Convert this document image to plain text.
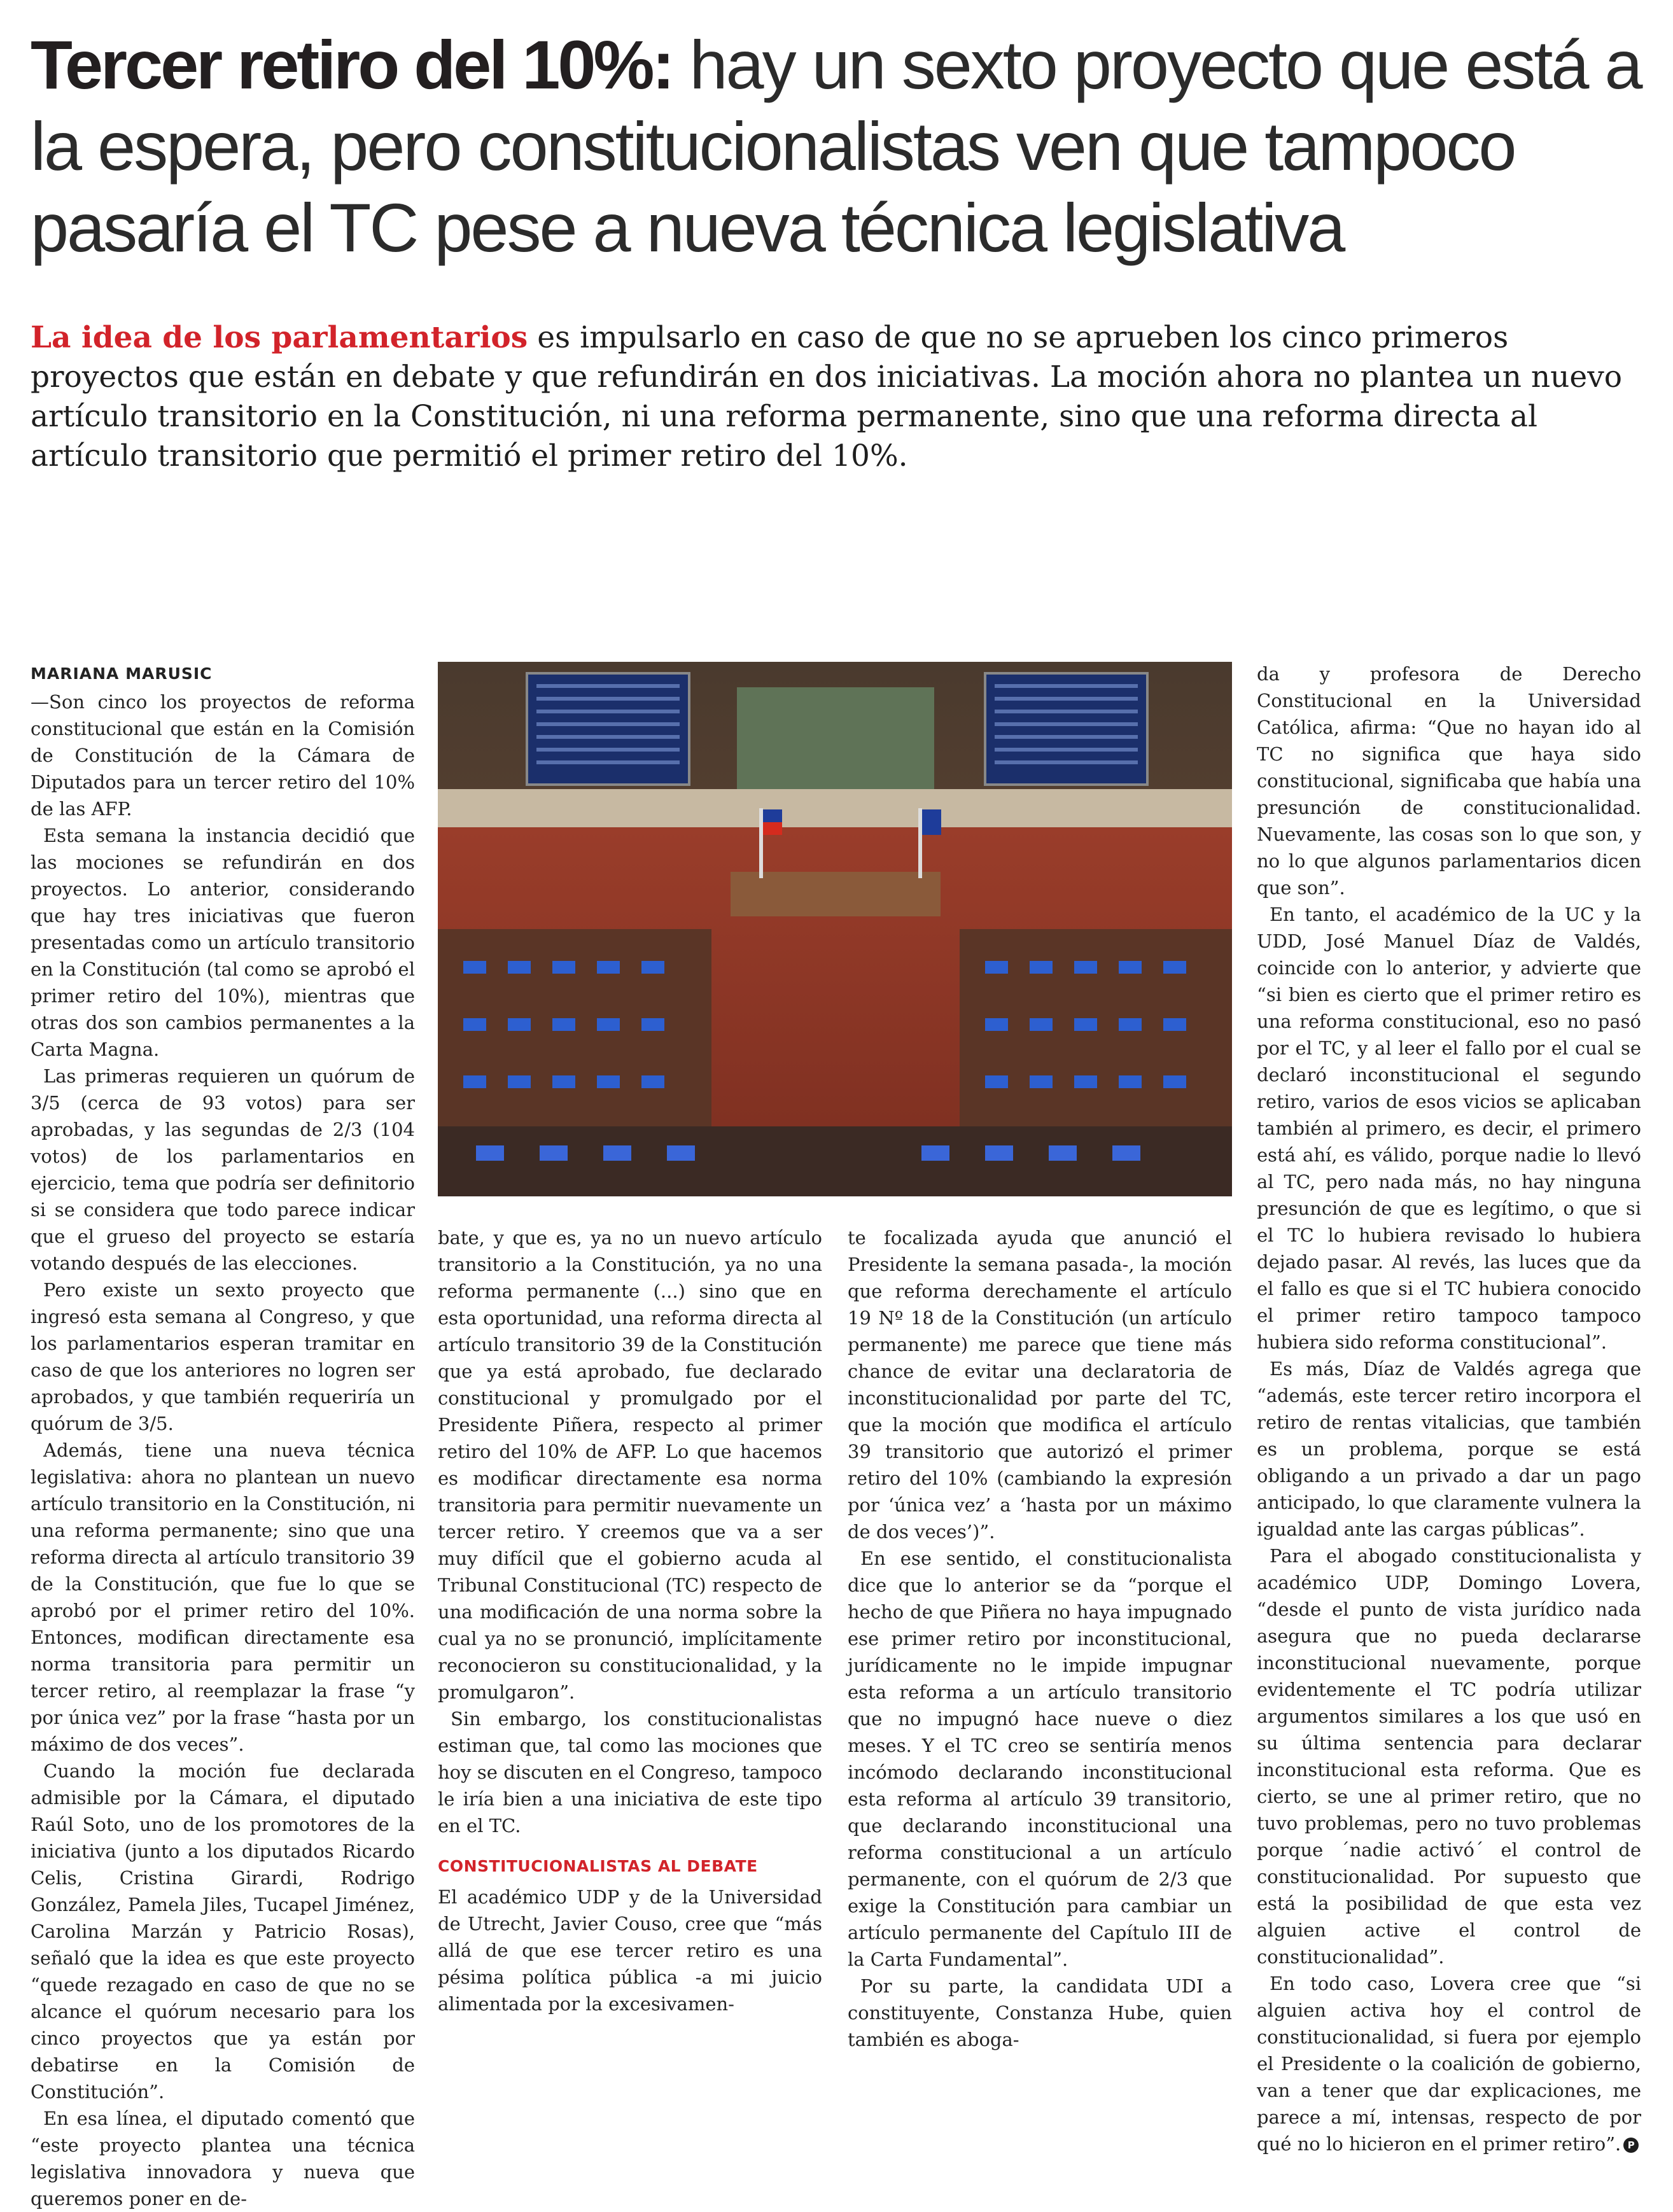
Tercer retiro del 10%: hay un sexto proyecto que está a la espera, pero constitucionalistas ven que tampoco pasaría el TC pese a nueva técnica legislativa

La idea de los parlamentarios es impulsarlo en caso de que no se aprueben los cinco primeros proyectos que están en debate y que refundirán en dos iniciativas. La moción ahora no plantea un nuevo artículo transitorio en la Constitución, ni una reforma permanente, sino que una reforma directa al artículo transitorio que permitió el primer retiro del 10%.

MARIANA MARUSIC

—Son cinco los proyectos de reforma constitucional que están en la Comisión de Constitución de la Cámara de Diputados para un tercer retiro del 10% de las AFP.

Esta semana la instancia decidió que las mociones se refundirán en dos proyectos. Lo anterior, considerando que hay tres iniciativas que fueron presentadas como un artículo transitorio en la Constitución (tal como se aprobó el primer retiro del 10%), mientras que otras dos son cambios permanentes a la Carta Magna.

Las primeras requieren un quórum de 3/5 (cerca de 93 votos) para ser aprobadas, y las segundas de 2/3 (104 votos) de los parlamentarios en ejercicio, tema que podría ser definitorio si se considera que todo parece indicar que el grueso del proyecto se estaría votando después de las elecciones.

Pero existe un sexto proyecto que ingresó esta semana al Congreso, y que los parlamentarios esperan tramitar en caso de que los anteriores no logren ser aprobados, y que también requeriría un quórum de 3/5.

Además, tiene una nueva técnica legislativa: ahora no plantean un nuevo artículo transitorio en la Constitución, ni una reforma permanente; sino que una reforma directa al artículo transitorio 39 de la Constitución, que fue lo que se aprobó por el primer retiro del 10%. Entonces, modifican directamente esa norma transitoria para permitir un tercer retiro, al reemplazar la frase “y por única vez” por la frase “hasta por un máximo de dos veces”.

Cuando la moción fue declarada admisible por la Cámara, el diputado Raúl Soto, uno de los promotores de la iniciativa (junto a los diputados Ricardo Celis, Cristina Girardi, Rodrigo González, Pamela Jiles, Tucapel Jiménez, Carolina Marzán y Patricio Rosas), señaló que la idea es que este proyecto “quede rezagado en caso de que no se alcance el quórum necesario para los cinco proyectos que ya están por debatirse en la Comisión de Constitución”.

En esa línea, el diputado comentó que “este proyecto plantea una técnica legislativa innovadora y nueva que queremos poner en de-

bate, y que es, ya no un nuevo artículo transitorio a la Constitución, ya no una reforma permanente (...) sino que en esta oportunidad, una reforma directa al artículo transitorio 39 de la Constitución que ya está aprobado, fue declarado constitucional y promulgado por el Presidente Piñera, respecto al primer retiro del 10% de AFP. Lo que hacemos es modificar directamente esa norma transitoria para permitir nuevamente un tercer retiro. Y creemos que va a ser muy difícil que el gobierno acuda al Tribunal Constitucional (TC) respecto de una modificación de una norma sobre la cual ya no se pronunció, implícitamente reconocieron su constitucionalidad, y la promulgaron”.

Sin embargo, los constitucionalistas estiman que, tal como las mociones que hoy se discuten en el Congreso, tampoco le iría bien a una iniciativa de este tipo en el TC.

CONSTITUCIONALISTAS AL DEBATE

El académico UDP y de la Universidad de Utrecht, Javier Couso, cree que “más allá de que ese tercer retiro es una pésima política pública -a mi juicio alimentada por la excesivamen-

te focalizada ayuda que anunció el Presidente la semana pasada-, la moción que reforma derechamente el artículo 19 Nº 18 de la Constitución (un artículo permanente) me parece que tiene más chance de evitar una declaratoria de inconstitucionalidad por parte del TC, que la moción que modifica el artículo 39 transitorio que autorizó el primer retiro del 10% (cambiando la expresión por ‘única vez’ a ‘hasta por un máximo de dos veces’)”.

En ese sentido, el constitucionalista dice que lo anterior se da “porque el hecho de que Piñera no haya impugnado ese primer retiro por inconstitucional, jurídicamente no le impide impugnar esta reforma a un artículo transitorio que no impugnó hace nueve o diez meses. Y el TC creo se sentiría menos incómodo declarando inconstitucional esta reforma al artículo 39 transitorio, que declarando inconstitucional una reforma constitucional a un artículo permanente, con el quórum de 2/3 que exige la Constitución para cambiar un artículo permanente del Capítulo III de la Carta Fundamental”.

Por su parte, la candidata UDI a constituyente, Constanza Hube, quien también es aboga-

da y profesora de Derecho Constitucional en la Universidad Católica, afirma: “Que no hayan ido al TC no significa que haya sido constitucional, significaba que había una presunción de constitucionalidad. Nuevamente, las cosas son lo que son, y no lo que algunos parlamentarios dicen que son”.

En tanto, el académico de la UC y la UDD, José Manuel Díaz de Valdés, coincide con lo anterior, y advierte que “si bien es cierto que el primer retiro es una reforma constitucional, eso no pasó por el TC, y al leer el fallo por el cual se declaró inconstitucional el segundo retiro, varios de esos vicios se aplicaban también al primero, es decir, el primero está ahí, es válido, porque nadie lo llevó al TC, pero nada más, no hay ninguna presunción de que es legítimo, o que si el TC lo hubiera revisado lo hubiera dejado pasar. Al revés, las luces que da el fallo es que si el TC hubiera conocido el primer retiro tampoco tampoco hubiera sido reforma constitucional”.

Es más, Díaz de Valdés agrega que “además, este tercer retiro incorpora el retiro de rentas vitalicias, que también es un problema, porque se está obligando a un privado a dar un pago anticipado, lo que claramente vulnera la igualdad ante las cargas públicas”.

Para el abogado constitucionalista y académico UDP, Domingo Lovera, “desde el punto de vista jurídico nada asegura que no pueda declararse inconstitucional nuevamente, porque evidentemente el TC podría utilizar argumentos similares a los que usó en su última sentencia para declarar inconstitucional esta reforma. Que es cierto, se une al primer retiro, que no tuvo problemas, pero no tuvo problemas porque ´nadie activó´ el control de constitucionalidad. Por supuesto que está la posibilidad de que esta vez alguien active el control de constitucionalidad”.

En todo caso, Lovera cree que “si alguien activa hoy el control de constitucionalidad, si fuera por ejemplo el Presidente o la coalición de gobierno, van a tener que dar explicaciones, me parece a mí, intensas, respecto de por qué no lo hicieron en el primer retiro”. P
